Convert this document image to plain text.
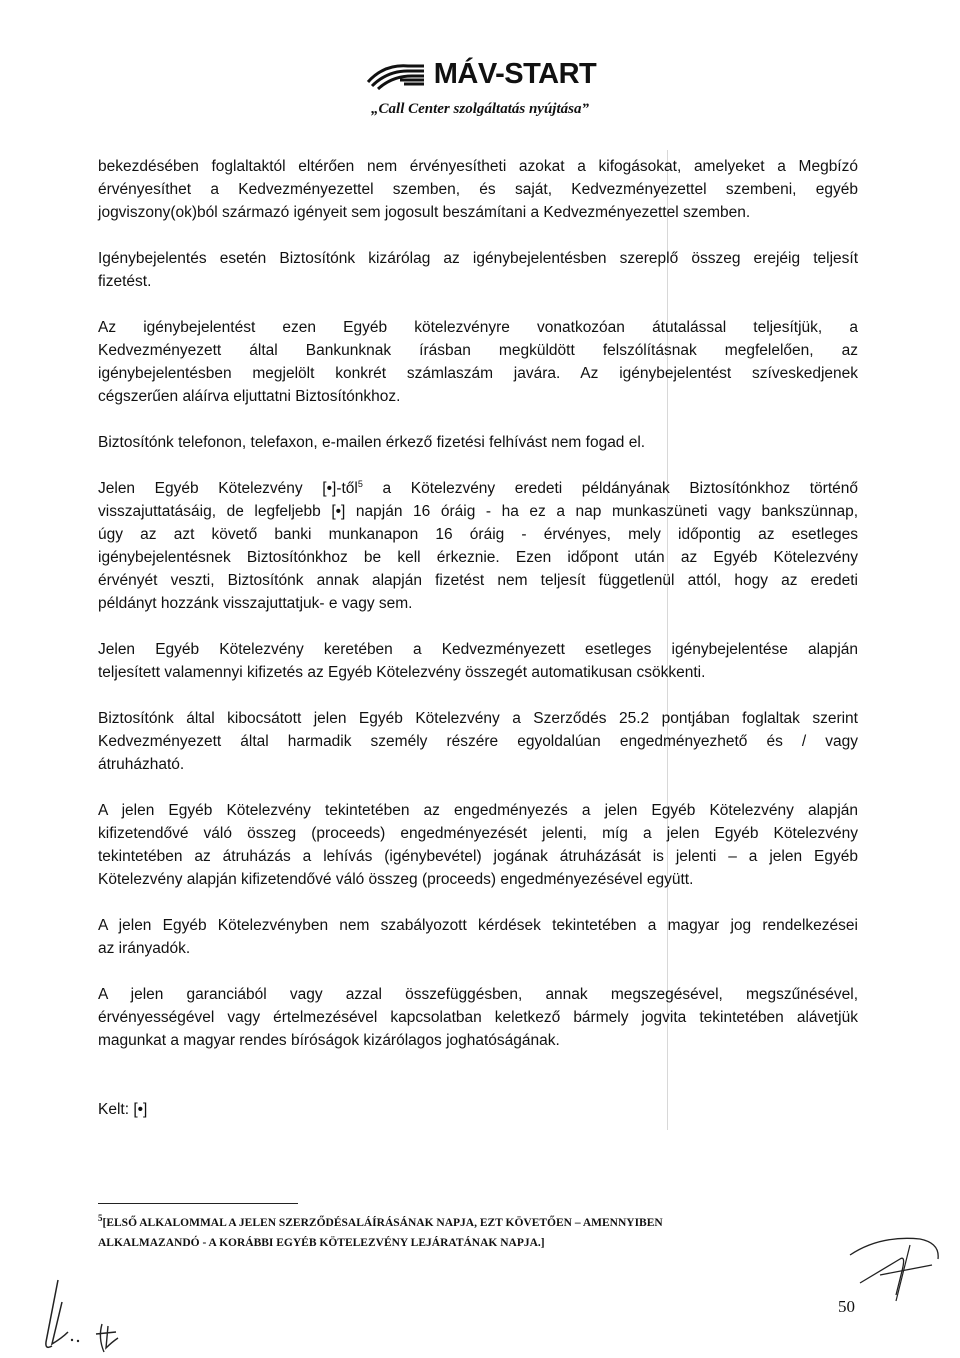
MÁV-START
„Call Center szolgáltatás nyújtása”
bekezdésében foglaltaktól eltérően nem érvényesítheti azokat a kifogásokat, amelyeket a Megbízó
érvényesíthet a Kedvezményezettel szemben, és saját, Kedvezményezettel szembeni, egyéb
jogviszony(ok)ból származó igényeit sem jogosult beszámítani a Kedvezményezettel szemben.
Igénybejelentés esetén Biztosítónk kizárólag az igénybejelentésben szereplő összeg erejéig teljesít
fizetést.
Az igénybejelentést ezen Egyéb kötelezvényre vonatkozóan átutalással teljesítjük, a
Kedvezményezett által Bankunknak írásban megküldött felszólításnak megfelelően, az
igénybejelentésben megjelölt konkrét számlaszám javára. Az igénybejelentést szíveskedjenek
cégszerűen aláírva eljuttatni Biztosítónkhoz.
Biztosítónk telefonon, telefaxon, e-mailen érkező fizetési felhívást nem fogad el.
Jelen Egyéb Kötelezvény [•]-től$^5$ a Kötelezvény eredeti példányának Biztosítónkhoz történő
visszajuttatásáig, de legfeljebb [•] napján 16 óráig - ha ez a nap munkaszüneti vagy bankszünnap,
úgy az azt követő banki munkanapon 16 óráig - érvényes, mely időpontig az esetleges
igénybejelentésnek Biztosítónkhoz be kell érkeznie. Ezen időpont után az Egyéb Kötelezvény
érvényét veszti, Biztosítónk annak alapján fizetést nem teljesít függetlenül attól, hogy az eredeti
példányt hozzánk visszajuttatjuk- e vagy sem.
Jelen Egyéb Kötelezvény keretében a Kedvezményezett esetleges igénybejelentése alapján
teljesített valamennyi kifizetés az Egyéb Kötelezvény összegét automatikusan csökkenti.
Biztosítónk által kibocsátott jelen Egyéb Kötelezvény a Szerződés 25.2 pontjában foglaltak szerint
Kedvezményezett által harmadik személy részére egyoldalúan engedményezhető és / vagy
átruházható.
A jelen Egyéb Kötelezvény tekintetében az engedményezés a jelen Egyéb Kötelezvény alapján
kifizetendővé váló összeg (proceeds) engedményezését jelenti, míg a jelen Egyéb Kötelezvény
tekintetében az átruházás a lehívás (igénybevétel) jogának átruházását is jelenti – a jelen Egyéb
Kötelezvény alapján kifizetendővé váló összeg (proceeds) engedményezésével együtt.
A jelen Egyéb Kötelezvényben nem szabályozott kérdések tekintetében a magyar jog rendelkezései
az irányadók.
A jelen garanciából vagy azzal összefüggésben, annak megszegésével, megszűnésével,
érvényességével vagy értelmezésével kapcsolatban keletkező bármely jogvita tekintetében alávetjük
magunkat a magyar rendes bíróságok kizárólagos joghatóságának.
Kelt: [•]
$^5$[ELSŐ ALKALOMMAL A JELEN SZERZŐDÉSALÁÍRÁSÁNAK NAPJA, EZT KÖVETŐEN – AMENNYIBEN
ALKALMAZANDÓ - A KORÁBBI EGYÉB KÖTELEZVÉNY LEJÁRATÁNAK NAPJA.]
50
